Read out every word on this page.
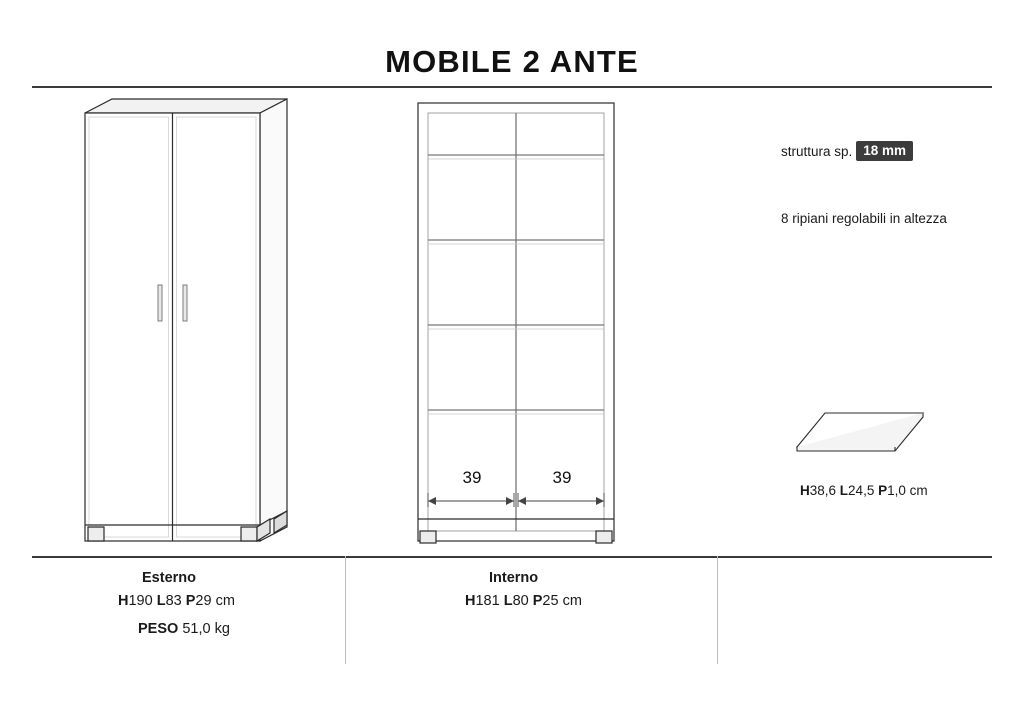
MOBILE 2 ANTE
39	39
struttura sp. 18 mm
8 ripiani regolabili in altezza
H38,6 L24,5 P1,0 cm
Esterno
H190 L83 P29 cm
PESO 51,0 kg
Interno
H181 L80 P25 cm
